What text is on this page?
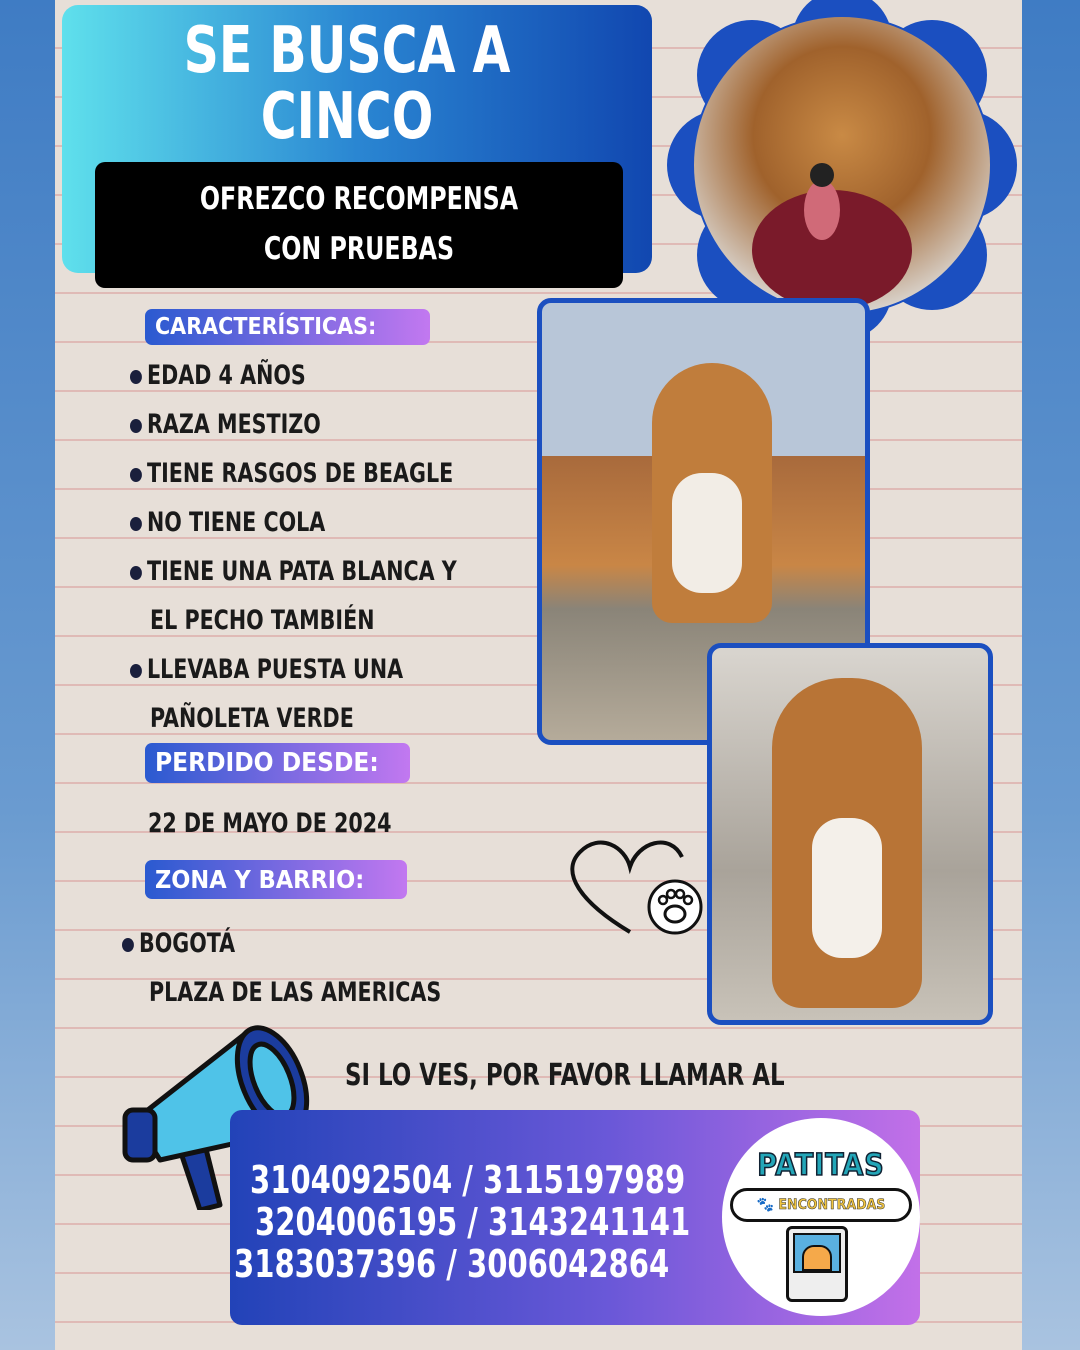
SE BUSCA A
CINCO
OFREZCO RECOMPENSA
CON PRUEBAS
CARACTERÍSTICAS:
EDAD 4 AÑOS
RAZA MESTIZO
TIENE RASGOS DE BEAGLE
NO TIENE COLA
TIENE UNA PATA BLANCA Y
EL PECHO TAMBIÉN
LLEVABA PUESTA UNA
PAÑOLETA VERDE
PERDIDO DESDE:
22 DE MAYO DE 2024
ZONA Y BARRIO:
BOGOTÁ
PLAZA DE LAS AMERICAS
SI LO VES, POR FAVOR LLAMAR AL
3104092504 / 3115197989
3204006195 / 3143241141
3183037396 / 3006042864
PATITAS
🐾 ENCONTRADAS
